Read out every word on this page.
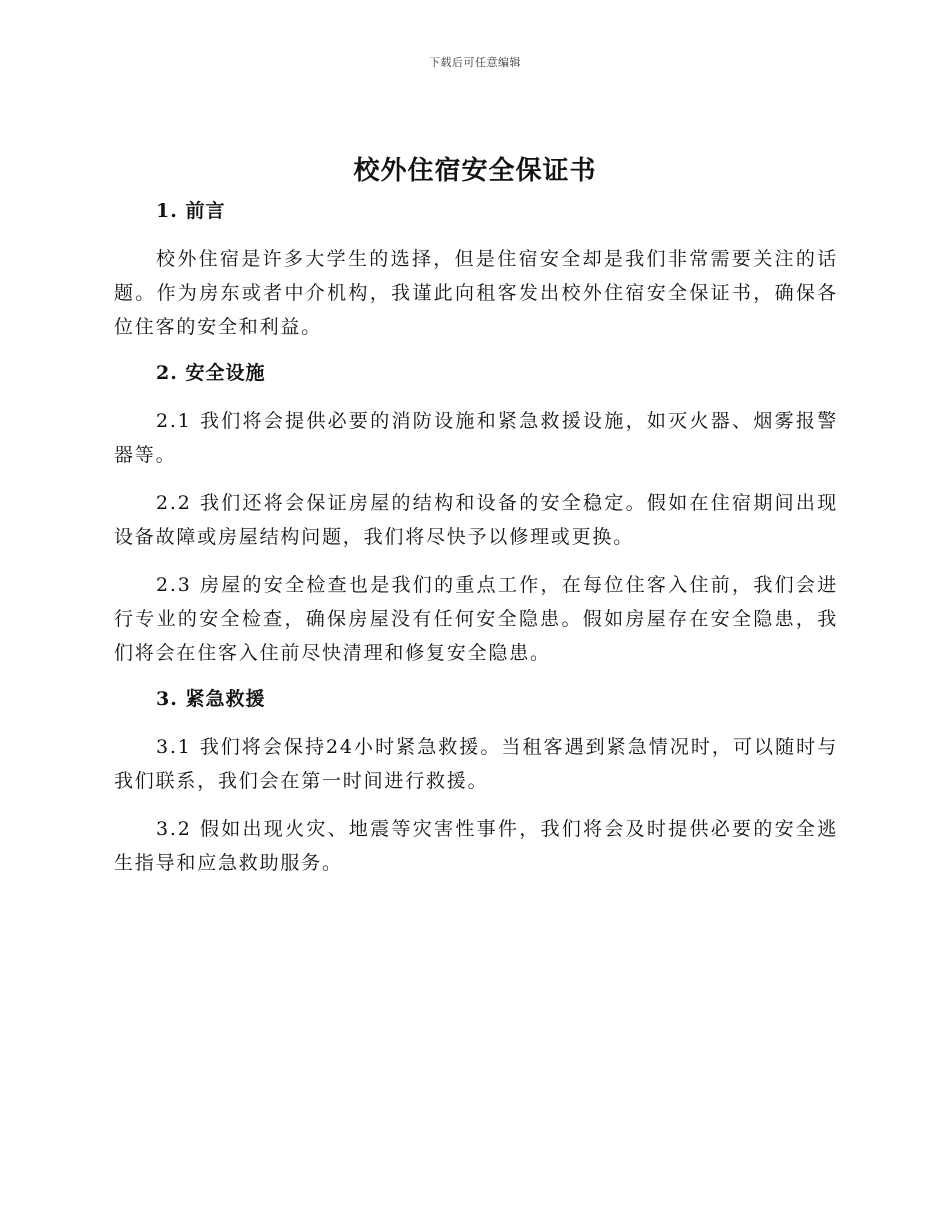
下载后可任意编辑
校外住宿安全保证书
1. 前言

校外住宿是许多大学生的选择，但是住宿安全却是我们非常需要关注的话题。作为房东或者中介机构，我谨此向租客发出校外住宿安全保证书，确保各位住客的安全和利益。

2. 安全设施

2.1 我们将会提供必要的消防设施和紧急救援设施，如灭火器、烟雾报警器等。

2.2 我们还将会保证房屋的结构和设备的安全稳定。假如在住宿期间出现设备故障或房屋结构问题，我们将尽快予以修理或更换。

2.3 房屋的安全检查也是我们的重点工作，在每位住客入住前，我们会进行专业的安全检查，确保房屋没有任何安全隐患。假如房屋存在安全隐患，我们将会在住客入住前尽快清理和修复安全隐患。

3. 紧急救援

3.1 我们将会保持24小时紧急救援。当租客遇到紧急情况时，可以随时与我们联系，我们会在第一时间进行救援。

3.2 假如出现火灾、地震等灾害性事件，我们将会及时提供必要的安全逃生指导和应急救助服务。
